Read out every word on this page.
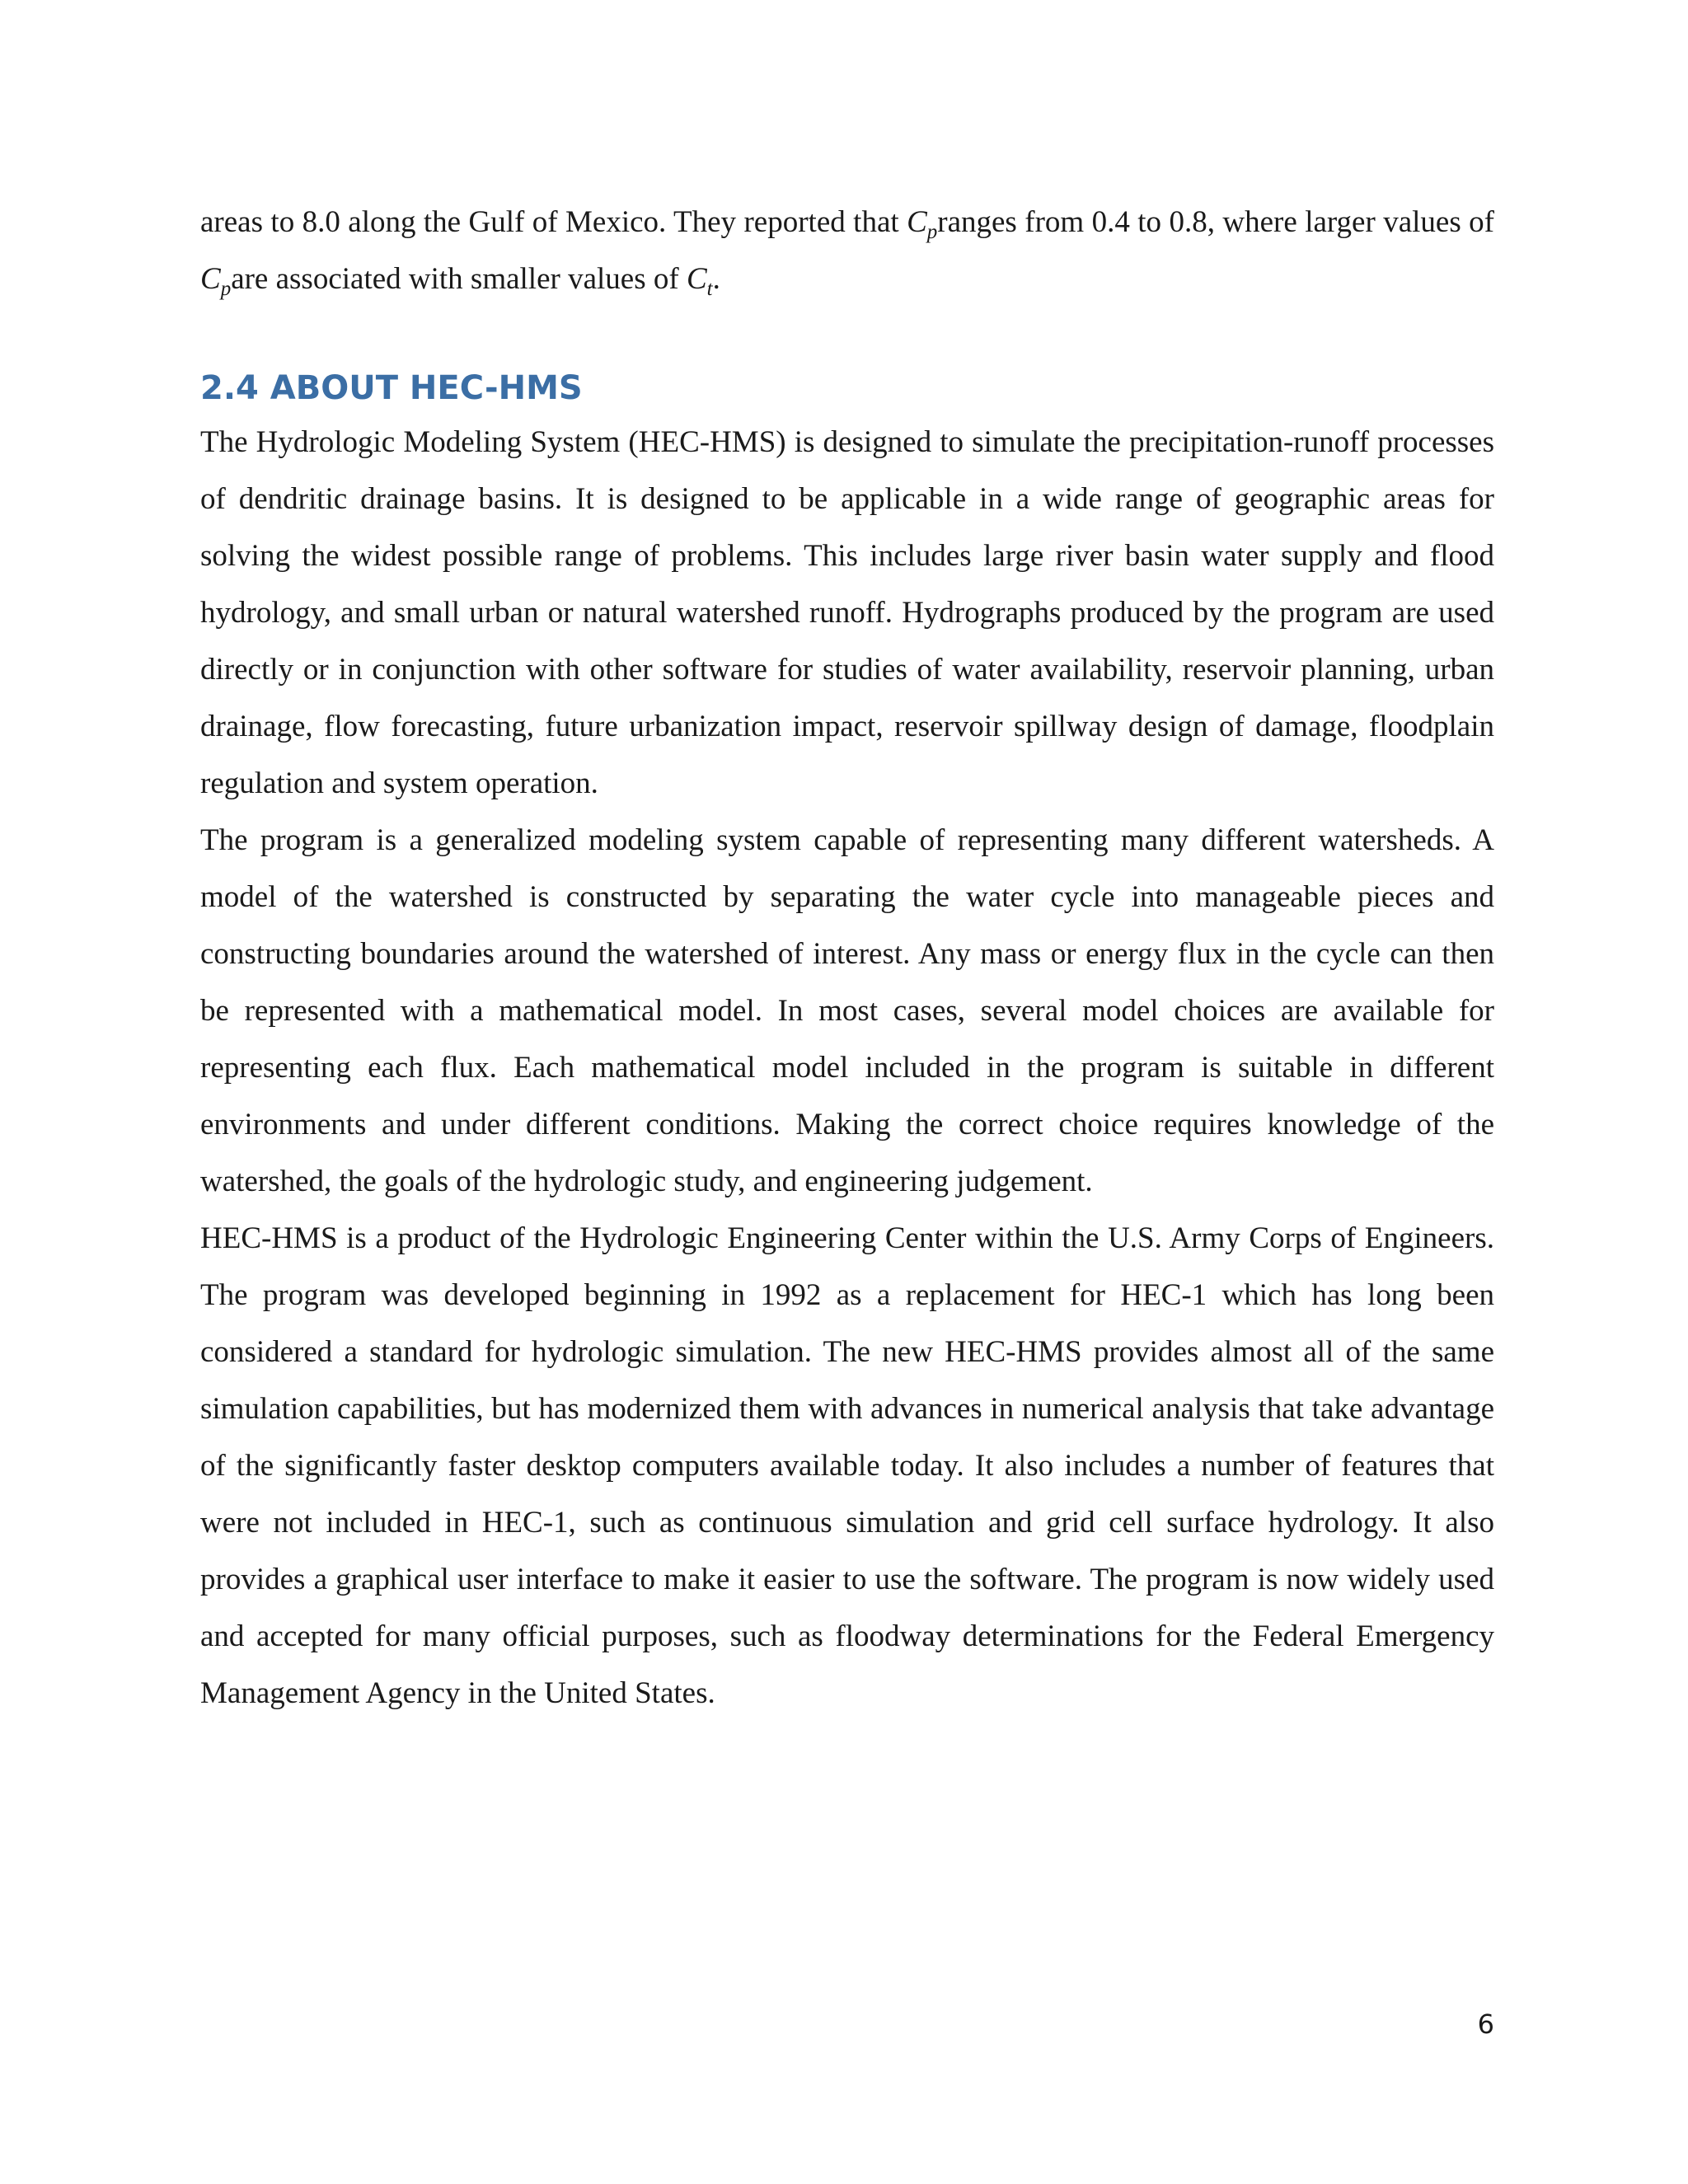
areas to 8.0 along the Gulf of Mexico. They reported that $C_pranges$ from 0.4 to 0.8, where larger values of $C_pare$ associated with smaller values of $C_t$.

2.4 ABOUT HEC-HMS

The Hydrologic Modeling System (HEC-HMS) is designed to simulate the precipitation-runoff processes of dendritic drainage basins. It is designed to be applicable in a wide range of geographic areas for solving the widest possible range of problems. This includes large river basin water supply and flood hydrology, and small urban or natural watershed runoff. Hydrographs produced by the program are used directly or in conjunction with other software for studies of water availability, reservoir planning, urban drainage, flow forecasting, future urbanization impact, reservoir spillway design of damage, floodplain regulation and system operation.

The program is a generalized modeling system capable of representing many different watersheds. A model of the watershed is constructed by separating the water cycle into manageable pieces and constructing boundaries around the watershed of interest. Any mass or energy flux in the cycle can then be represented with a mathematical model. In most cases, several model choices are available for representing each flux. Each mathematical model included in the program is suitable in different environments and under different conditions. Making the correct choice requires knowledge of the watershed, the goals of the hydrologic study, and engineering judgement.

HEC-HMS is a product of the Hydrologic Engineering Center within the U.S. Army Corps of Engineers. The program was developed beginning in 1992 as a replacement for HEC-1 which has long been considered a standard for hydrologic simulation. The new HEC-HMS provides almost all of the same simulation capabilities, but has modernized them with advances in numerical analysis that take advantage of the significantly faster desktop computers available today. It also includes a number of features that were not included in HEC-1, such as continuous simulation and grid cell surface hydrology. It also provides a graphical user interface to make it easier to use the software. The program is now widely used and accepted for many official purposes, such as floodway determinations for the Federal Emergency Management Agency in the United States.

6
